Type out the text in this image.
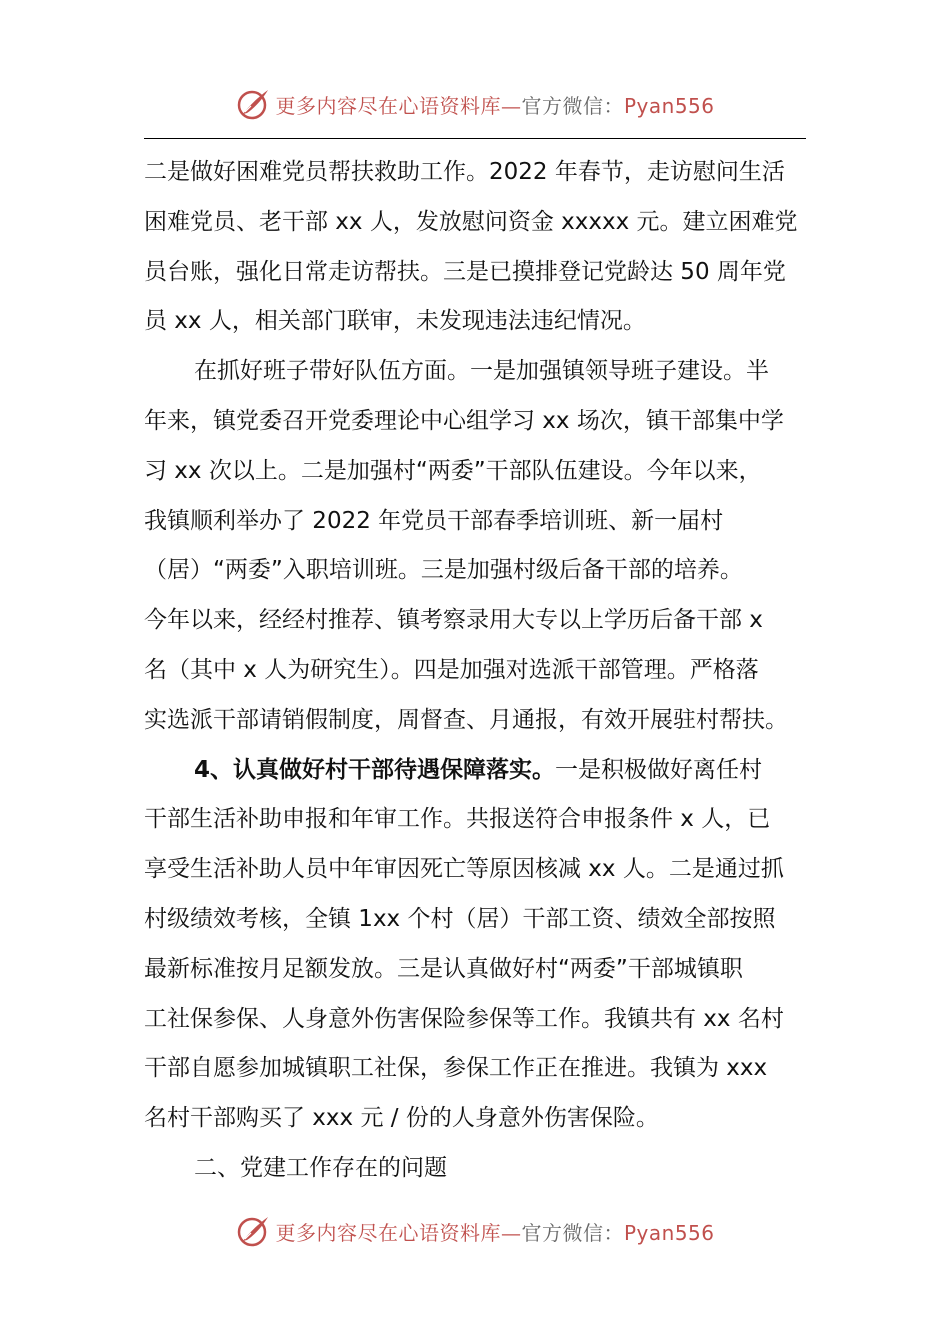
更多内容尽在心语资料库—官方微信：Pyan556
二是做好困难党员帮扶救助工作。2022 年春节，走访慰问生活
困难党员、老干部 xx 人，发放慰问资金 xxxxx 元。建立困难党
员台账，强化日常走访帮扶。三是已摸排登记党龄达 50 周年党
员 xx 人，相关部门联审，未发现违法违纪情况。
在抓好班子带好队伍方面。一是加强镇领导班子建设。半
年来，镇党委召开党委理论中心组学习 xx 场次，镇干部集中学
习 xx 次以上。二是加强村“两委”干部队伍建设。今年以来，
我镇顺利举办了 2022 年党员干部春季培训班、新一届村
（居）“两委”入职培训班。三是加强村级后备干部的培养。
今年以来，经经村推荐、镇考察录用大专以上学历后备干部 x
名（其中 x 人为研究生）。四是加强对选派干部管理。严格落
实选派干部请销假制度，周督查、月通报，有效开展驻村帮扶。
4、认真做好村干部待遇保障落实。一是积极做好离任村
干部生活补助申报和年审工作。共报送符合申报条件 x 人，已
享受生活补助人员中年审因死亡等原因核减 xx 人。二是通过抓
村级绩效考核，全镇 1xx 个村（居）干部工资、绩效全部按照
最新标准按月足额发放。三是认真做好村“两委”干部城镇职
工社保参保、人身意外伤害保险参保等工作。我镇共有 xx 名村
干部自愿参加城镇职工社保，参保工作正在推进。我镇为 xxx
名村干部购买了 xxx 元 / 份的人身意外伤害保险。
二、党建工作存在的问题
更多内容尽在心语资料库—官方微信：Pyan556
